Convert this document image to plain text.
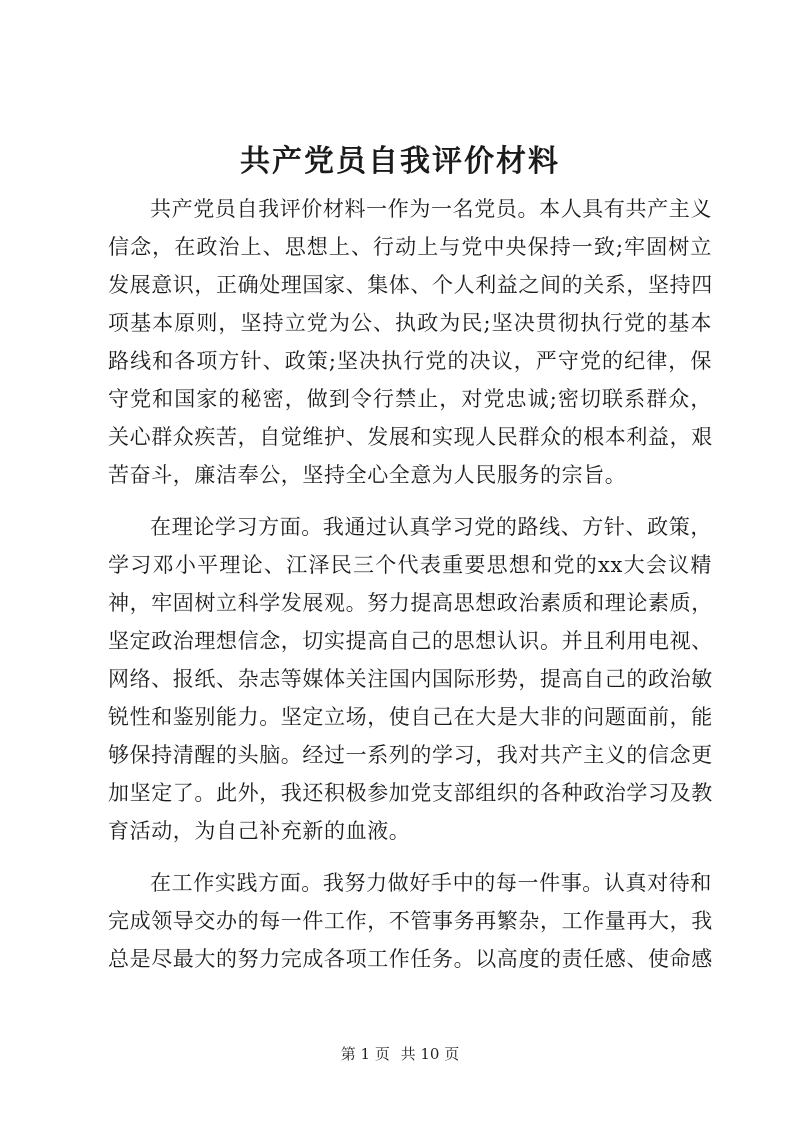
共产党员自我评价材料
共产党员自我评价材料一作为一名党员。本人具有共产主义
信念，在政治上、思想上、行动上与党中央保持一致;牢固树立
发展意识，正确处理国家、集体、个人利益之间的关系，坚持四
项基本原则，坚持立党为公、执政为民;坚决贯彻执行党的基本
路线和各项方针、政策;坚决执行党的决议，严守党的纪律，保
守党和国家的秘密，做到令行禁止，对党忠诚;密切联系群众，
关心群众疾苦，自觉维护、发展和实现人民群众的根本利益，艰
苦奋斗，廉洁奉公，坚持全心全意为人民服务的宗旨。
在理论学习方面。我通过认真学习党的路线、方针、政策，
学习邓小平理论、江泽民三个代表重要思想和党的xx大会议精
神，牢固树立科学发展观。努力提高思想政治素质和理论素质，
坚定政治理想信念，切实提高自己的思想认识。并且利用电视、
网络、报纸、杂志等媒体关注国内国际形势，提高自己的政治敏
锐性和鉴别能力。坚定立场，使自己在大是大非的问题面前，能
够保持清醒的头脑。经过一系列的学习，我对共产主义的信念更
加坚定了。此外，我还积极参加党支部组织的各种政治学习及教
育活动，为自己补充新的血液。
在工作实践方面。我努力做好手中的每一件事。认真对待和
完成领导交办的每一件工作，不管事务再繁杂，工作量再大，我
总是尽最大的努力完成各项工作任务。以高度的责任感、使命感
第 1 页 共 10 页
